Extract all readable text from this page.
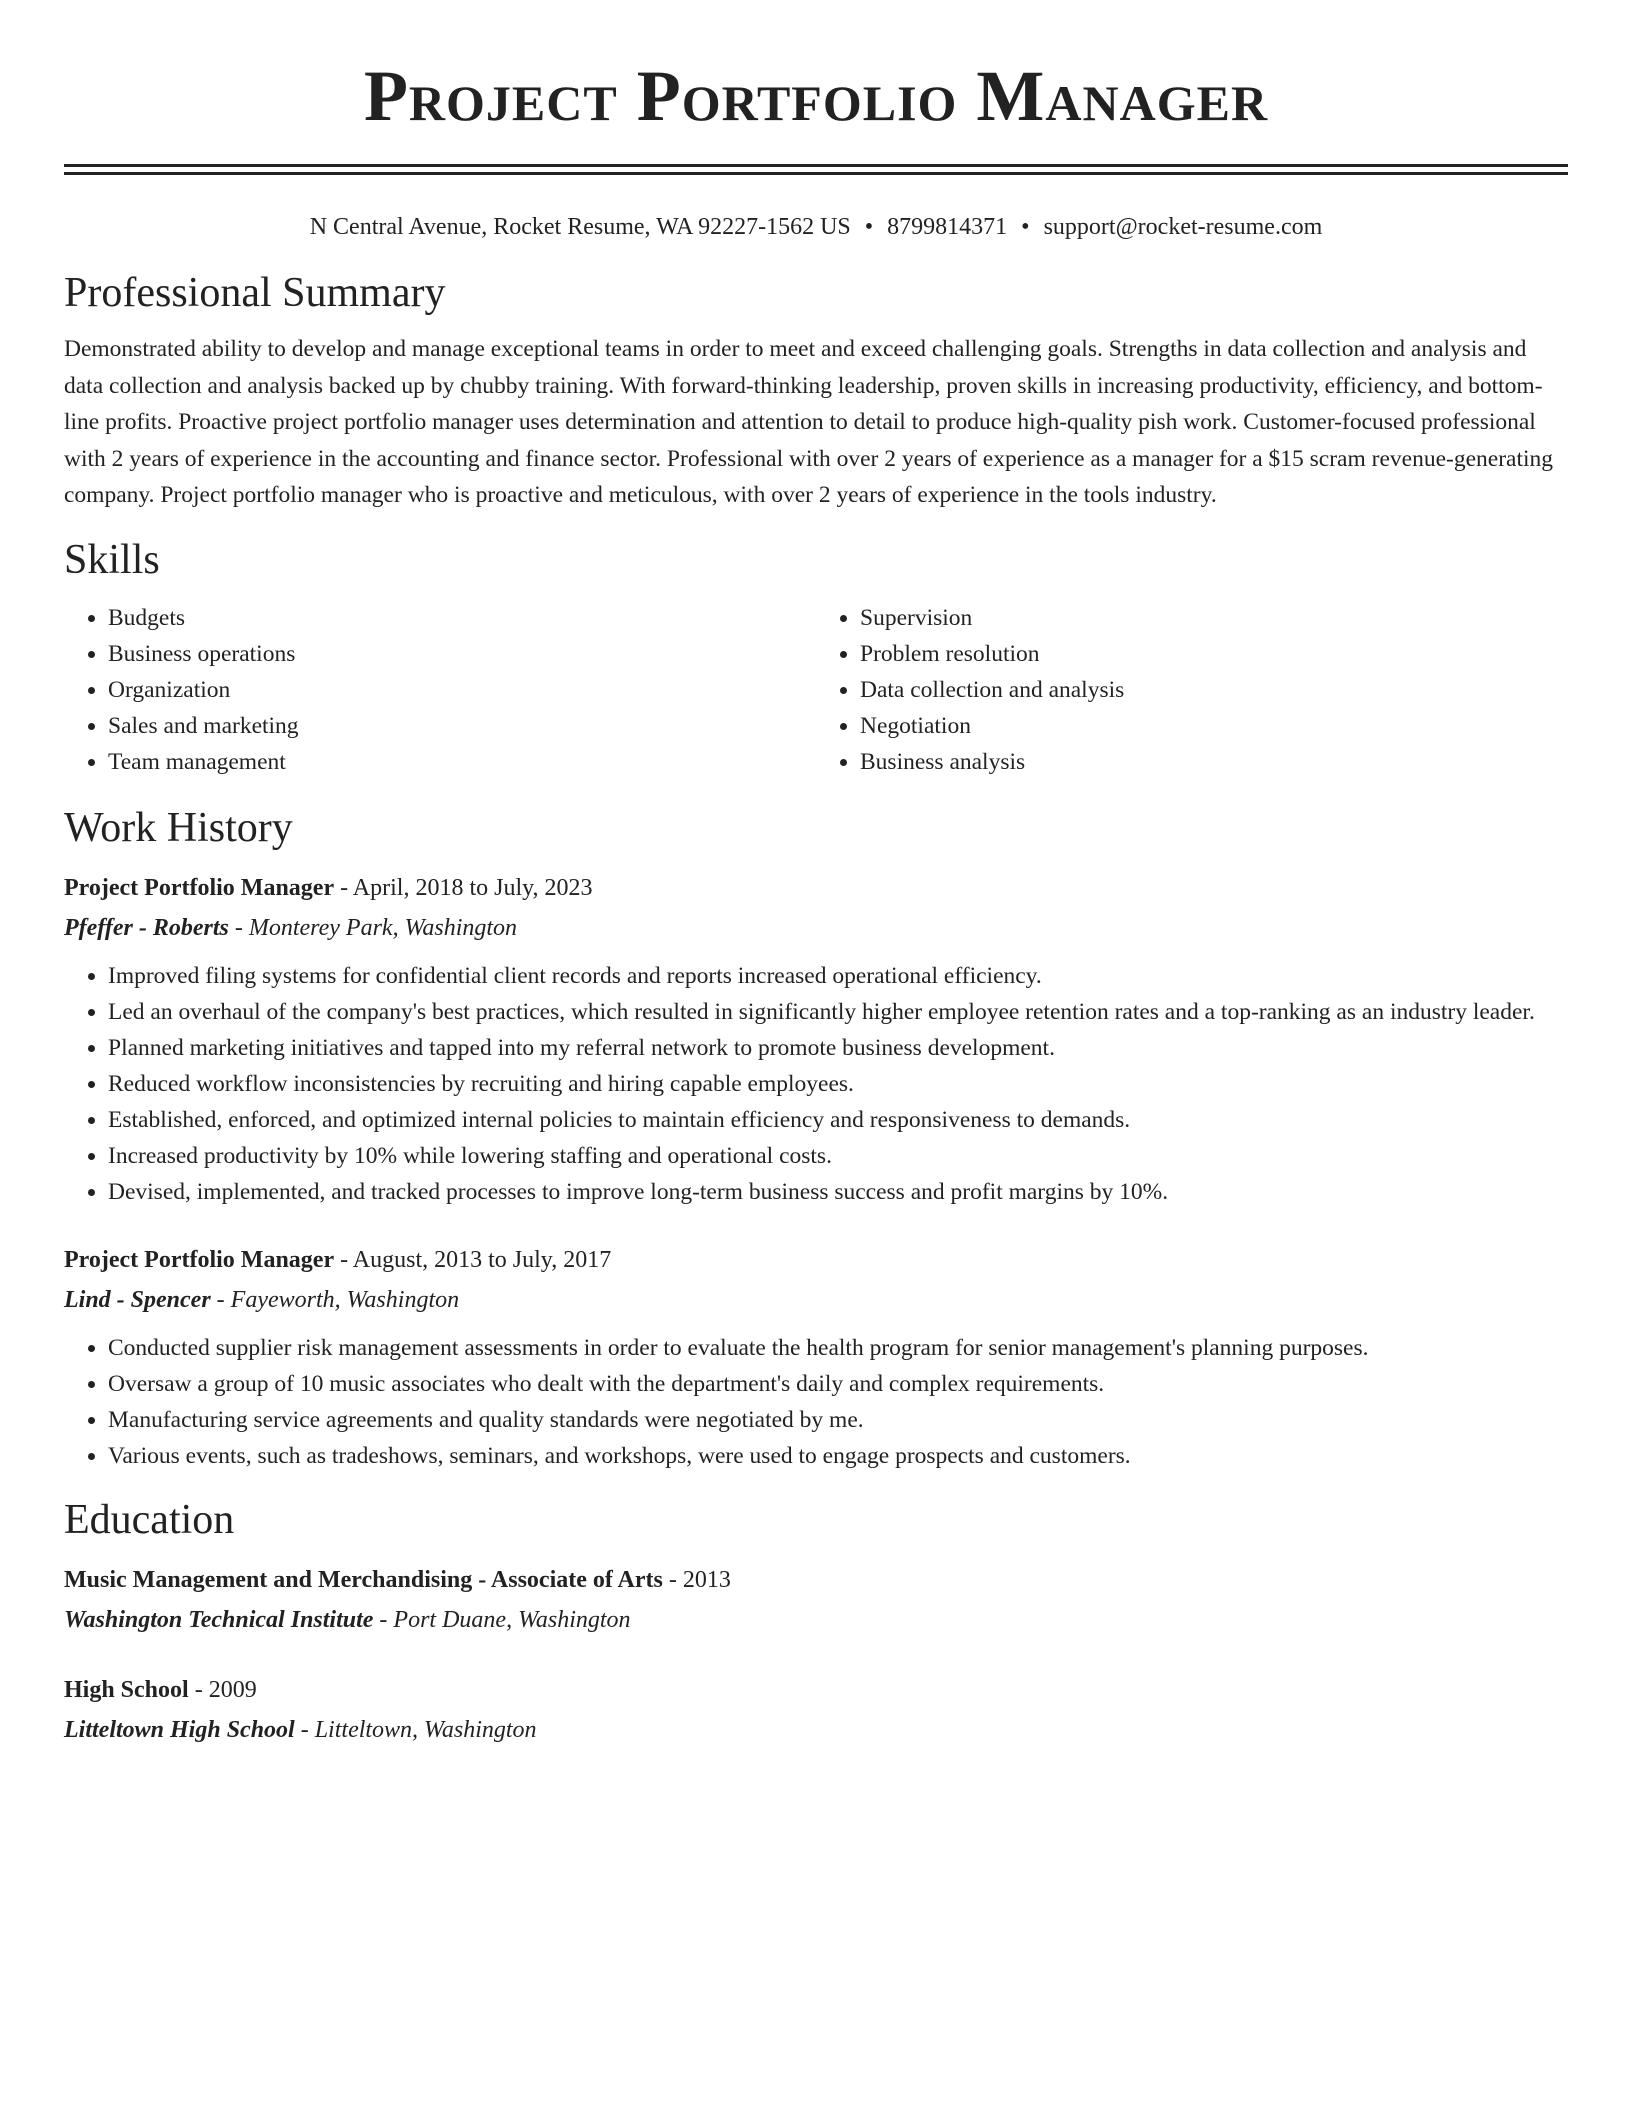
Project Portfolio Manager
N Central Avenue, Rocket Resume, WA 92227-1562 US • 8799814371 • support@rocket-resume.com
Professional Summary

Demonstrated ability to develop and manage exceptional teams in order to meet and exceed challenging goals. Strengths in data collection and analysis and data collection and analysis backed up by chubby training. With forward-thinking leadership, proven skills in increasing productivity, efficiency, and bottom-line profits. Proactive project portfolio manager uses determination and attention to detail to produce high-quality pish work. Customer-focused professional with 2 years of experience in the accounting and finance sector. Professional with over 2 years of experience as a manager for a $15 scram revenue-generating company. Project portfolio manager who is proactive and meticulous, with over 2 years of experience in the tools industry.

Skills
• Budgets
• Business operations
• Organization
• Sales and marketing
• Team management
• Supervision
• Problem resolution
• Data collection and analysis
• Negotiation
• Business analysis
Work History

Project Portfolio Manager - April, 2018 to July, 2023

Pfeffer - Roberts - Monterey Park, Washington

• Improved filing systems for confidential client records and reports increased operational efficiency.
• Led an overhaul of the company's best practices, which resulted in significantly higher employee retention rates and a top-ranking as an industry leader.
• Planned marketing initiatives and tapped into my referral network to promote business development.
• Reduced workflow inconsistencies by recruiting and hiring capable employees.
• Established, enforced, and optimized internal policies to maintain efficiency and responsiveness to demands.
• Increased productivity by 10% while lowering staffing and operational costs.
• Devised, implemented, and tracked processes to improve long-term business success and profit margins by 10%.

Project Portfolio Manager - August, 2013 to July, 2017

Lind - Spencer - Fayeworth, Washington

• Conducted supplier risk management assessments in order to evaluate the health program for senior management's planning purposes.
• Oversaw a group of 10 music associates who dealt with the department's daily and complex requirements.
• Manufacturing service agreements and quality standards were negotiated by me.
• Various events, such as tradeshows, seminars, and workshops, were used to engage prospects and customers.
Education

Music Management and Merchandising - Associate of Arts - 2013

Washington Technical Institute - Port Duane, Washington

High School - 2009

Litteltown High School - Litteltown, Washington
